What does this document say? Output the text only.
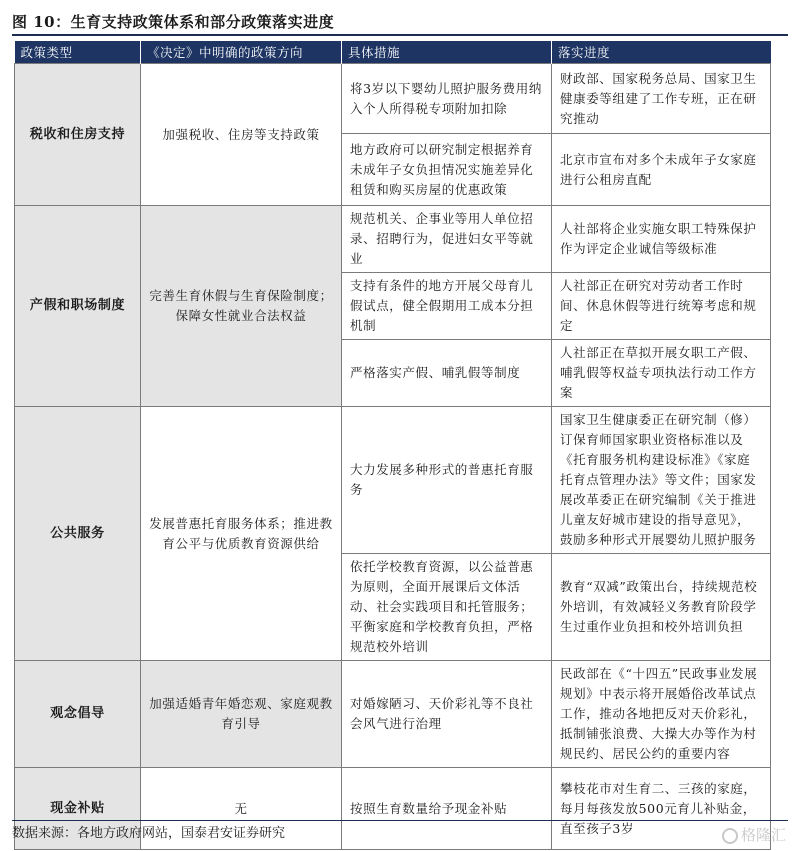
图 10：生育支持政策体系和部分政策落实进度
政策类型	《决定》中明确的政策方向	具体措施	落实进度
税收和住房支持	加强税收、住房等支持政策	将3岁以下婴幼儿照护服务费用纳入个人所得税专项附加扣除	财政部、国家税务总局、国家卫生健康委等组建了工作专班，正在研究推动
		地方政府可以研究制定根据养育未成年子女负担情况实施差异化租赁和购买房屋的优惠政策	北京市宣布对多个未成年子女家庭进行公租房直配
产假和职场制度	完善生育休假与生育保险制度；保障女性就业合法权益	规范机关、企事业等用人单位招录、招聘行为，促进妇女平等就业	人社部将企业实施女职工特殊保护作为评定企业诚信等级标准
		支持有条件的地方开展父母育儿假试点，健全假期用工成本分担机制	人社部正在研究对劳动者工作时间、休息休假等进行统筹考虑和规定
		严格落实产假、哺乳假等制度	人社部正在草拟开展女职工产假、哺乳假等权益专项执法行动工作方案
公共服务	发展普惠托育服务体系；推进教育公平与优质教育资源供给	大力发展多种形式的普惠托育服务	国家卫生健康委正在研究制（修）订保育师国家职业资格标准以及《托育服务机构建设标准》《家庭托育点管理办法》等文件；国家发展改革委正在研究编制《关于推进儿童友好城市建设的指导意见》，鼓励多种形式开展婴幼儿照护服务
		依托学校教育资源，以公益普惠为原则，全面开展课后文体活动、社会实践项目和托管服务；平衡家庭和学校教育负担，严格规范校外培训	教育“双减”政策出台，持续规范校外培训，有效减轻义务教育阶段学生过重作业负担和校外培训负担
观念倡导	加强适婚青年婚恋观、家庭观教育引导	对婚嫁陋习、天价彩礼等不良社会风气进行治理	民政部在《“十四五”民政事业发展规划》中表示将开展婚俗改革试点工作，推动各地把反对天价彩礼，抵制铺张浪费、大操大办等作为村规民约、居民公约的重要内容
现金补贴	无	按照生育数量给予现金补贴	攀枝花市对生育二、三孩的家庭，每月每孩发放500元育儿补贴金，直至孩子3岁
数据来源：各地方政府网站，国泰君安证券研究	格隆汇
